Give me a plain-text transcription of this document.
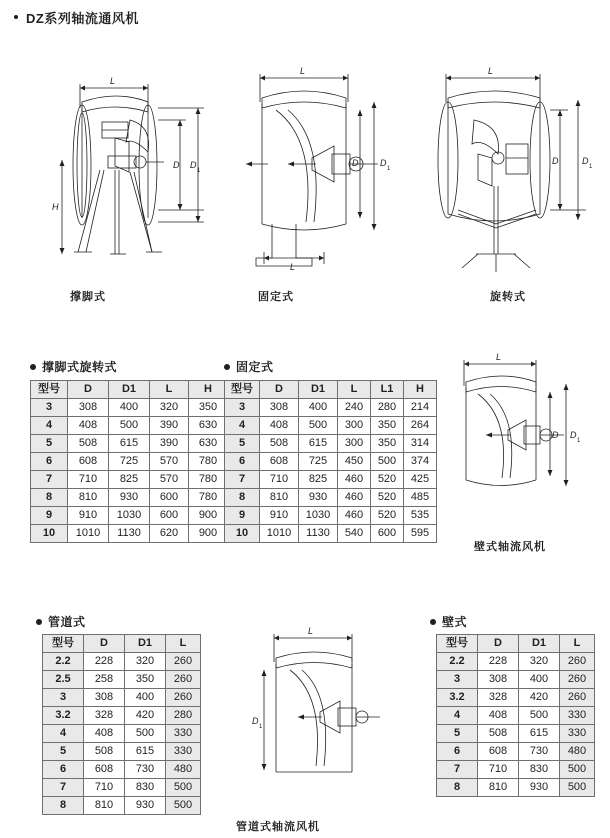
DZ系列轴流通风机
L
D D
1
H
撑脚式
L
D D
1
L
固定式
L
D	D
1
旋转式
撑脚式旋转式
型号	D	D1	L	H
3	308	400	320	350
4	408	500	390	630
5	508	615	390	630
6	608	725	570	780
7	710	825	570	780
8	810	930	600	780
9	910	1030	600	900
10	1010	1130	620	900
固定式
型号	D	D1	L	L1	H
3	308	400	240	280	214
4	408	500	300	350	264
5	508	615	300	350	314
6	608	725	450	500	374
7	710	825	460	520	425
8	810	930	460	520	485
9	910	1030	460	520	535
10	1010	1130	540	600	595
L
D D
1
壁式轴流风机
管道式
型号	D	D1	L
2.2	228	320	260
2.5	258	350	260
3	308	400	260
3.2	328	420	280
4	408	500	330
5	508	615	330
6	608	730	480
7	710	830	500
8	810	930	500
L
D
1
管道式轴流风机
壁式
型号	D	D1	L
2.2	228	320	260
3	308	400	260
3.2	328	420	260
4	408	500	330
5	508	615	330
6	608	730	480
7	710	830	500
8	810	930	500
